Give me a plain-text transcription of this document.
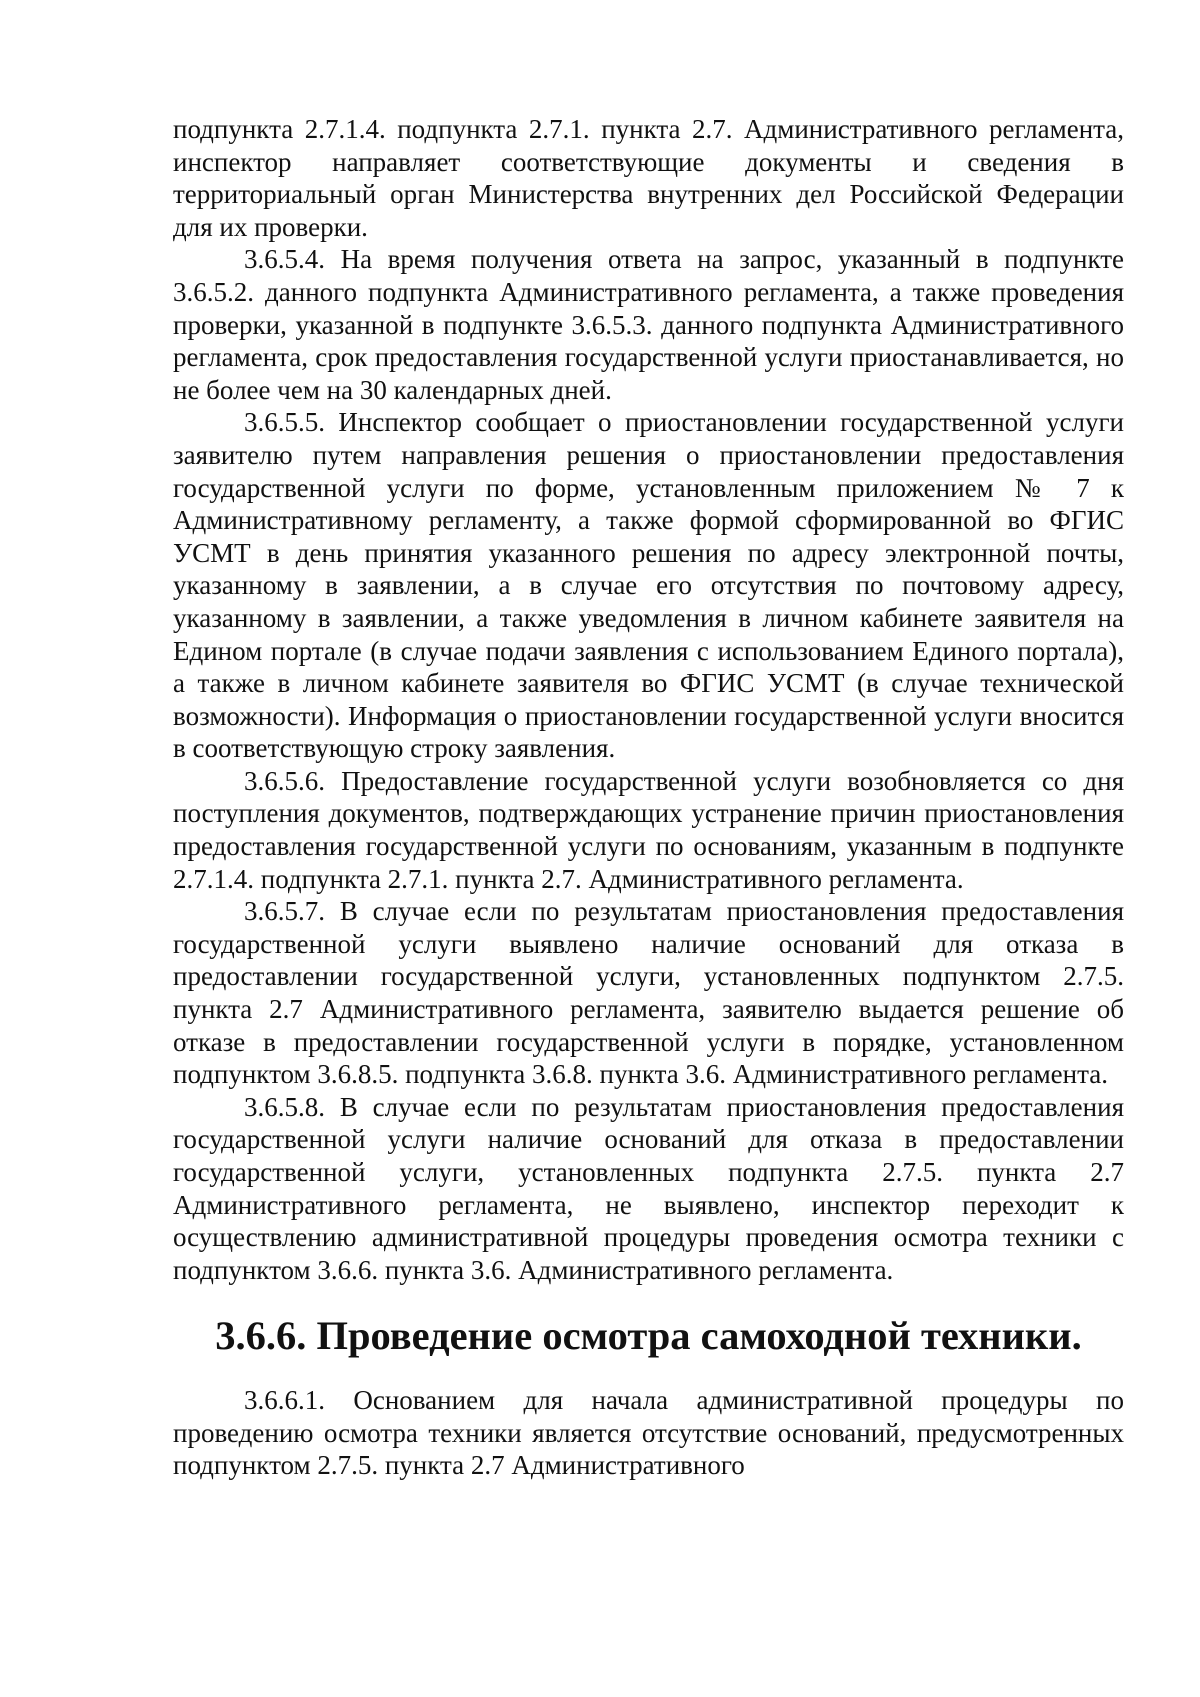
подпункта 2.7.1.4. подпункта 2.7.1. пункта 2.7. Административного регламента, инспектор направляет соответствующие документы и сведения в территориальный орган Министерства внутренних дел Российской Федерации для их проверки.

3.6.5.4. На время получения ответа на запрос, указанный в подпункте 3.6.5.2. данного подпункта Административного регламента, а также проведения проверки, указанной в подпункте 3.6.5.3. данного подпункта Административного регламента, срок предоставления государственной услуги приостанавливается, но не более чем на 30 календарных дней.

3.6.5.5. Инспектор сообщает о приостановлении государственной услуги заявителю путем направления решения о приостановлении предоставления государственной услуги по форме, установленным приложением № 7 к Административному регламенту, а также формой сформированной во ФГИС УСМТ в день принятия указанного решения по адресу электронной почты, указанному в заявлении, а в случае его отсутствия по почтовому адресу, указанному в заявлении, а также уведомления в личном кабинете заявителя на Едином портале (в случае подачи заявления с использованием Единого портала), а также в личном кабинете заявителя во ФГИС УСМТ (в случае технической возможности). Информация о приостановлении государственной услуги вносится в соответствующую строку заявления.

3.6.5.6. Предоставление государственной услуги возобновляется со дня поступления документов, подтверждающих устранение причин приостановления предоставления государственной услуги по основаниям, указанным в подпункте 2.7.1.4. подпункта 2.7.1. пункта 2.7. Административного регламента.

3.6.5.7. В случае если по результатам приостановления предоставления государственной услуги выявлено наличие оснований для отказа в предоставлении государственной услуги, установленных подпунктом 2.7.5. пункта 2.7 Административного регламента, заявителю выдается решение об отказе в предоставлении государственной услуги в порядке, установленном подпунктом 3.6.8.5. подпункта 3.6.8. пункта 3.6. Административного регламента.

3.6.5.8. В случае если по результатам приостановления предоставления государственной услуги наличие оснований для отказа в предоставлении государственной услуги, установленных подпункта 2.7.5. пункта 2.7 Административного регламента, не выявлено, инспектор переходит к осуществлению административной процедуры проведения осмотра техники с подпунктом 3.6.6. пункта 3.6. Административного регламента.

3.6.6. Проведение осмотра самоходной техники.

3.6.6.1. Основанием для начала административной процедуры по проведению осмотра техники является отсутствие оснований, предусмотренных подпунктом 2.7.5. пункта 2.7 Административного
